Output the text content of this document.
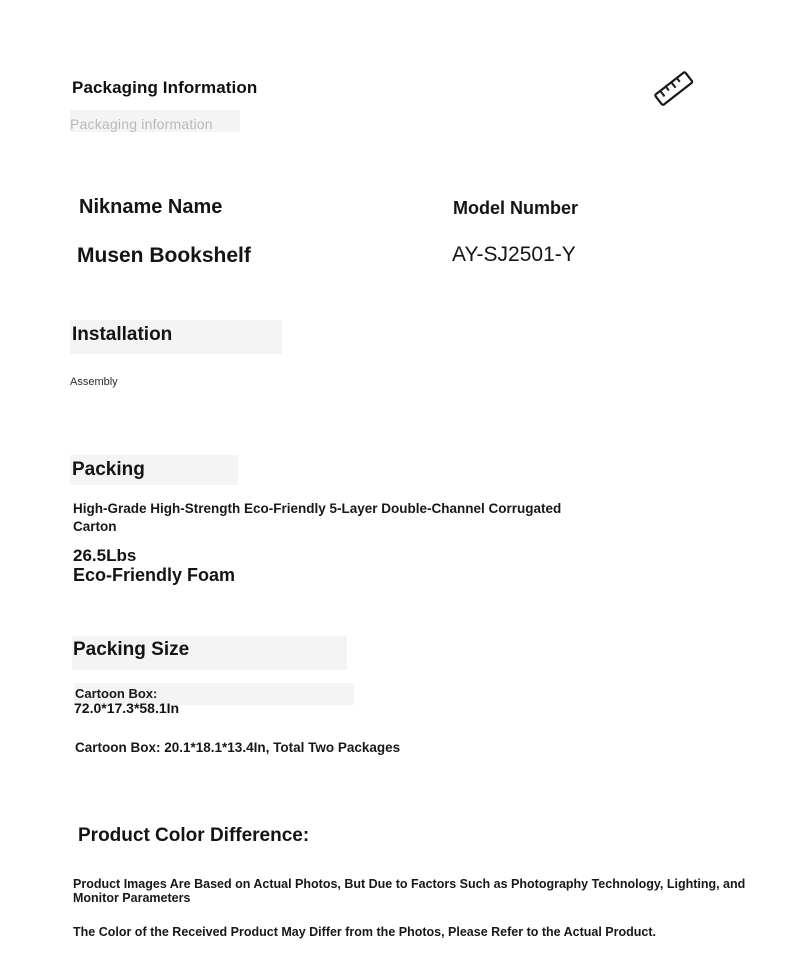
Packaging Information
Packaging information
Nikname Name
Musen Bookshelf
Model Number
AY-SJ2501-Y
Installation
Assembly
Packing
High-Grade High-Strength Eco-Friendly 5-Layer Double-Channel Corrugated Carton
26.5Lbs
Eco-Friendly Foam
Packing Size
Cartoon Box:
72.0*17.3*58.1In
Cartoon Box: 20.1*18.1*13.4In, Total Two Packages
Product Color Difference:
Product Images Are Based on Actual Photos, But Due to Factors Such as Photography Technology, Lighting, and Monitor Parameters
The Color of the Received Product May Differ from the Photos, Please Refer to the Actual Product.
